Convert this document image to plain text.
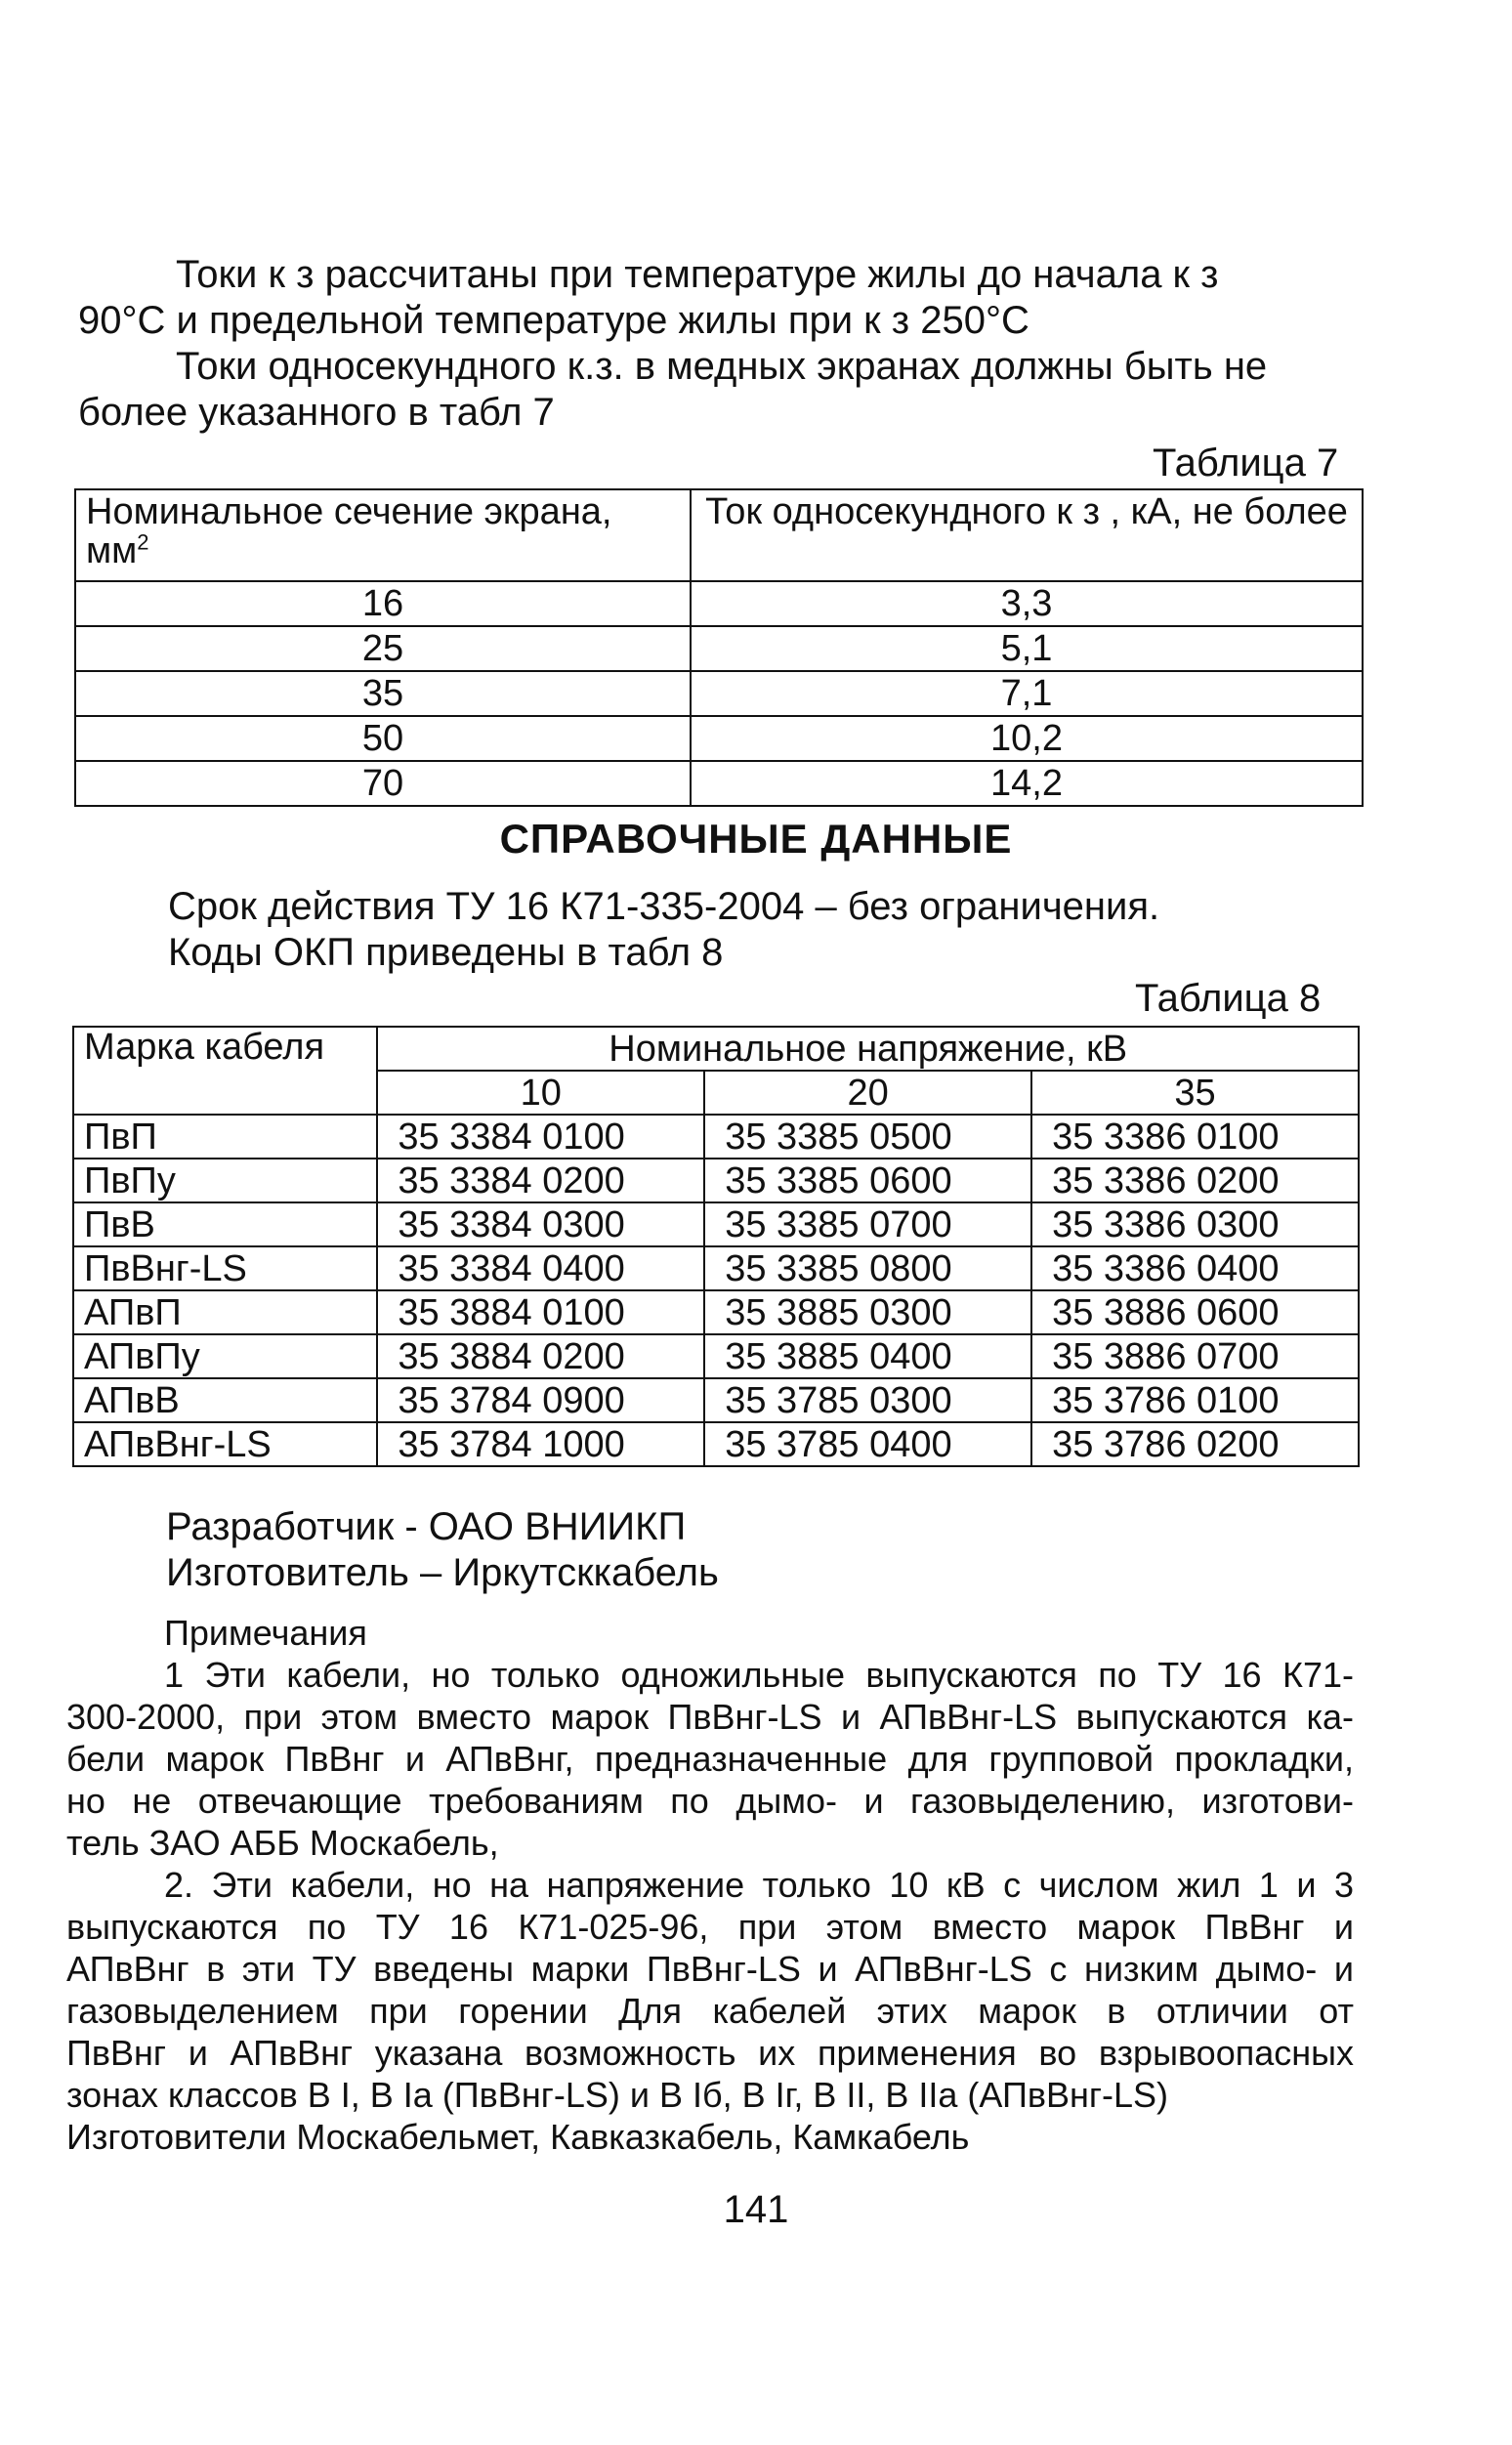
Токи к з рассчитаны при температуре жилы до начала к з
90°С и предельной температуре жилы при к з 250°С
Токи односекундного к.з. в медных экранах должны быть не
более указанного в табл 7

Таблица 7
Номинальное сечение экрана,
$мм^2$	Ток односекундного к з , кА, не более
16	3,3
25	5,1
35	7,1
50	10,2
70	14,2
СПРАВОЧНЫЕ ДАННЫЕ

Срок действия ТУ 16 К71-335-2004 – без ограничения.
Коды ОКП приведены в табл 8

Таблица 8
Марка кабеля	Номинальное напряжение, кВ		
	10	20	35
ПвП	35 3384 0100	35 3385 0500	35 3386 0100
ПвПу	35 3384 0200	35 3385 0600	35 3386 0200
ПвВ	35 3384 0300	35 3385 0700	35 3386 0300
ПвВнг-LS	35 3384 0400	35 3385 0800	35 3386 0400
АПвП	35 3884 0100	35 3885 0300	35 3886 0600
АПвПу	35 3884 0200	35 3885 0400	35 3886 0700
АПвВ	35 3784 0900	35 3785 0300	35 3786 0100
АПвВнг-LS	35 3784 1000	35 3785 0400	35 3786 0200

Разработчик - ОАО ВНИИКП
Изготовитель – Иркутсккабель

Примечания
1 Эти кабели, но только одножильные выпускаются по ТУ 16 К71-
300-2000, при этом вместо марок ПвВнг-LS и АПвВнг-LS выпускаются ка-
бели марок ПвВнг и АПвВнг, предназначенные для групповой прокладки,
но не отвечающие требованиям по дымо- и газовыделению, изготови-
тель ЗАО АББ Москабель,
2. Эти кабели, но на напряжение только 10 кВ с числом жил 1 и 3
выпускаются по ТУ 16 К71-025-96, при этом вместо марок ПвВнг и
АПвВнг в эти ТУ введены марки ПвВнг-LS и АПвВнг-LS с низким дымо- и
газовыделением при горении Для кабелей этих марок в отличии от
ПвВнг и АПвВнг указана возможность их применения во взрывоопасных
зонах классов В I, В Ia (ПвВнг-LS) и В Iб, В Iг, В II, В IIa (АПвВнг-LS)
Изготовители Москабельмет, Кавказкабель, Камкабель
141
